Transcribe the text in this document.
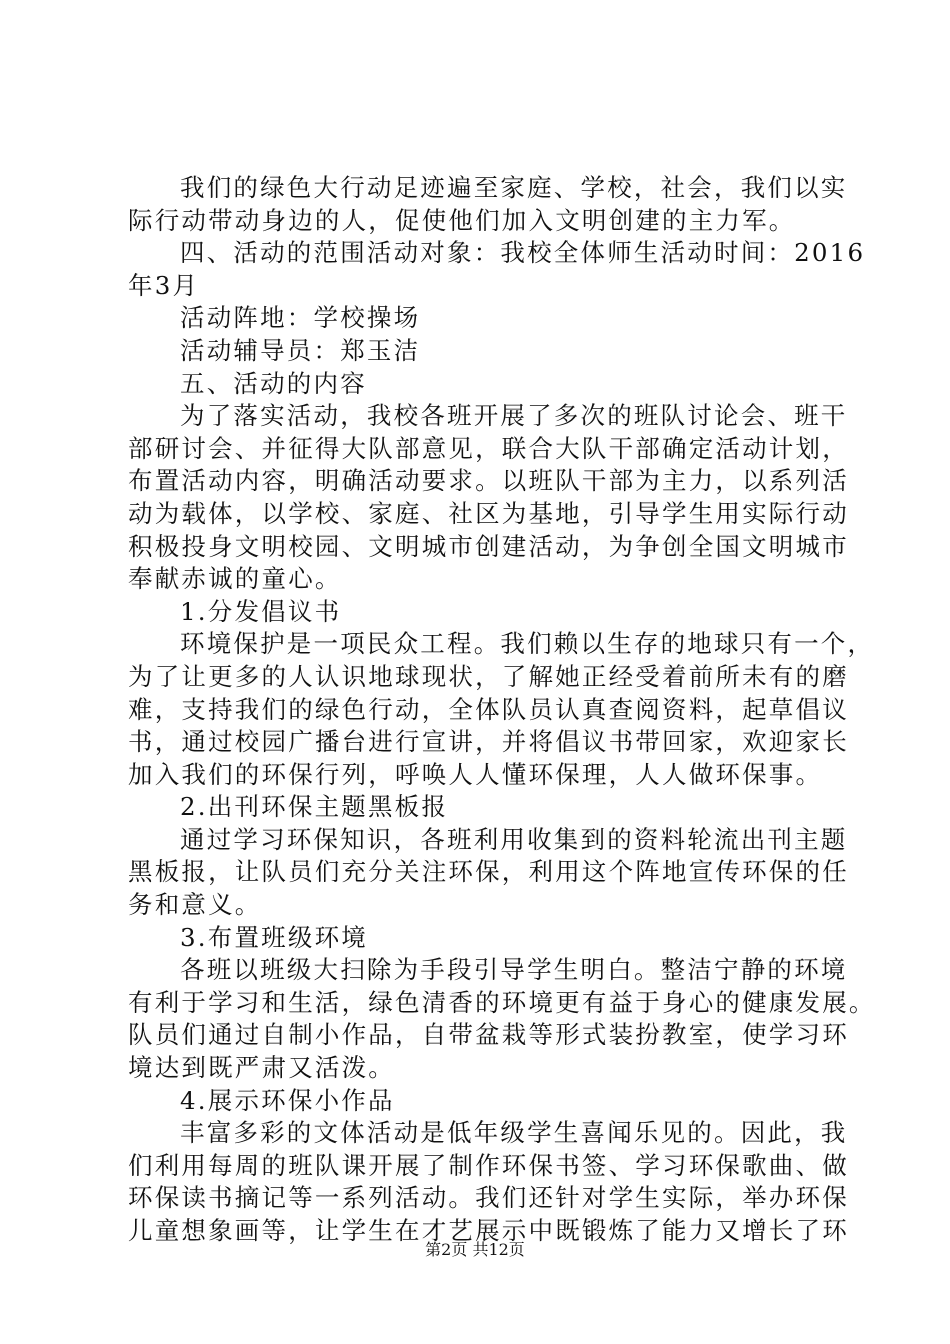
我们的绿色大行动足迹遍至家庭、学校，社会，我们以实
际行动带动身边的人，促使他们加入文明创建的主力军。
四、活动的范围活动对象：我校全体师生活动时间：2016
年3月
活动阵地：学校操场
活动辅导员：郑玉洁
五、活动的内容
为了落实活动，我校各班开展了多次的班队讨论会、班干
部研讨会、并征得大队部意见，联合大队干部确定活动计划，
布置活动内容，明确活动要求。以班队干部为主力，以系列活
动为载体，以学校、家庭、社区为基地，引导学生用实际行动
积极投身文明校园、文明城市创建活动，为争创全国文明城市
奉献赤诚的童心。
1.分发倡议书
环境保护是一项民众工程。我们赖以生存的地球只有一个，
为了让更多的人认识地球现状，了解她正经受着前所未有的磨
难，支持我们的绿色行动，全体队员认真查阅资料，起草倡议
书，通过校园广播台进行宣讲，并将倡议书带回家，欢迎家长
加入我们的环保行列，呼唤人人懂环保理，人人做环保事。
2.出刊环保主题黑板报
通过学习环保知识，各班利用收集到的资料轮流出刊主题
黑板报，让队员们充分关注环保，利用这个阵地宣传环保的任
务和意义。
3.布置班级环境
各班以班级大扫除为手段引导学生明白。整洁宁静的环境
有利于学习和生活，绿色清香的环境更有益于身心的健康发展。
队员们通过自制小作品，自带盆栽等形式装扮教室，使学习环
境达到既严肃又活泼。
4.展示环保小作品
丰富多彩的文体活动是低年级学生喜闻乐见的。因此，我
们利用每周的班队课开展了制作环保书签、学习环保歌曲、做
环保读书摘记等一系列活动。我们还针对学生实际，举办环保
儿童想象画等，让学生在才艺展示中既锻炼了能力又增长了环
第2页 共12页
